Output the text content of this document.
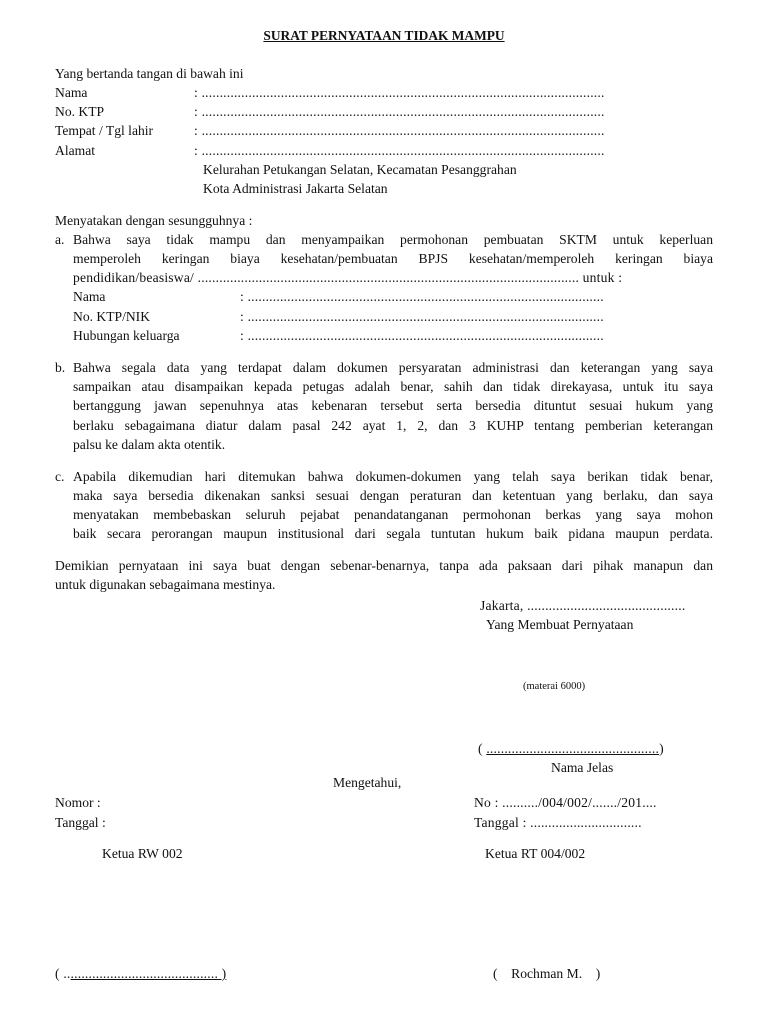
SURAT PERNYATAAN TIDAK MAMPU
Yang bertanda tangan di bawah ini
Nama	: ................................................................................................................
No. KTP	: ................................................................................................................
Tempat / Tgl lahir	: ................................................................................................................
Alamat	: ................................................................................................................
Kelurahan Petukangan Selatan, Kecamatan Pesanggrahan
Kota Administrasi Jakarta Selatan
Menyatakan dengan sesungguhnya :
a. Bahwa saya tidak mampu dan menyampaikan permohonan pembuatan SKTM untuk keperluan
memperoleh keringan biaya kesehatan/pembuatan BPJS kesehatan/memperoleh keringan biaya
pendidikan/beasiswa/ .......................................................................................................... untuk :
Nama	: ...................................................................................................
No. KTP/NIK	: ...................................................................................................
Hubungan keluarga	: ...................................................................................................
b. Bahwa segala data yang terdapat dalam dokumen persyaratan administrasi dan keterangan yang saya
sampaikan atau disampaikan kepada petugas adalah benar, sahih dan tidak direkayasa, untuk itu saya
bertanggung jawan sepenuhnya atas kebenaran tersebut serta bersedia dituntut sesuai hukum yang
berlaku sebagaimana diatur dalam pasal 242 ayat 1, 2, dan 3 KUHP tentang pemberian keterangan
palsu ke dalam akta otentik.
c. Apabila dikemudian hari ditemukan bahwa dokumen-dokumen yang telah saya berikan tidak benar,
maka saya bersedia dikenakan sanksi sesuai dengan peraturan dan ketentuan yang berlaku, dan saya
menyatakan membebaskan seluruh pejabat penandatanganan permohonan berkas yang saya mohon
baik secara perorangan maupun institusional dari segala tuntutan hukum baik pidana maupun perdata.
Demikian pernyataan ini saya buat dengan sebenar-benarnya, tanpa ada paksaan dari pihak manapun dan
untuk digunakan sebagaimana mestinya.
Jakarta, ............................................
Yang Membuat Pernyataan
(materai 6000)
( ................................................)
Nama Jelas
Mengetahui,
Nomor :
Tanggal :
Ketua RW 002
( ........................................... )
No : ........../004/002/......./201....
Tanggal : ...............................
Ketua RT 004/002
(    Rochman M.    )
